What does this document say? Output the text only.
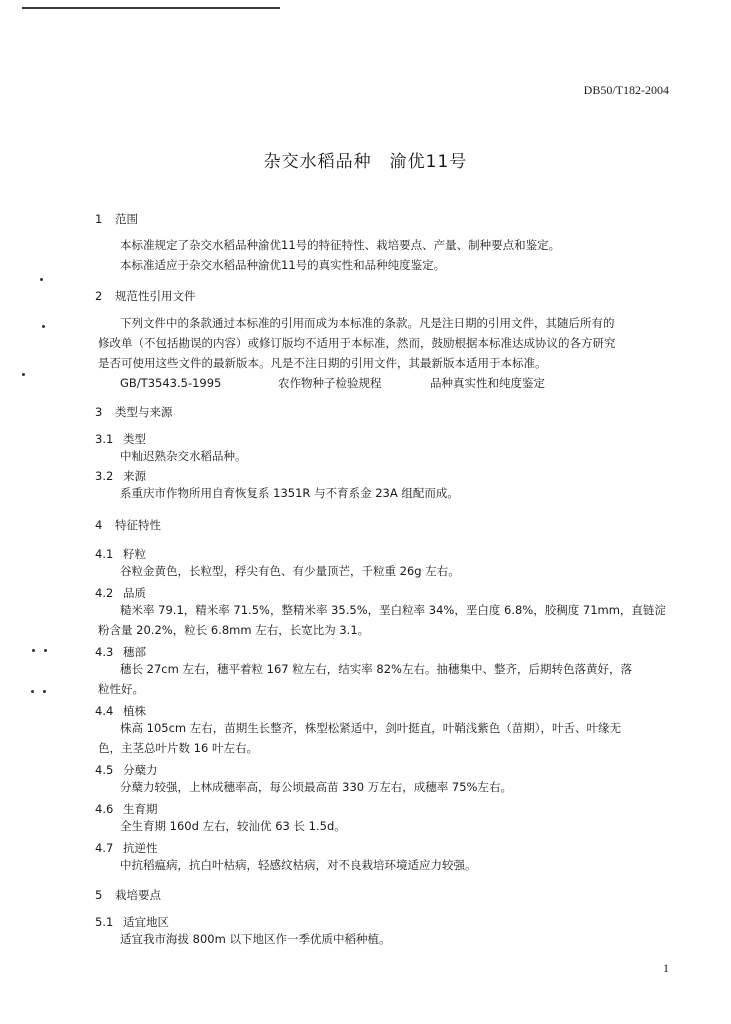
DB50/T182-2004
杂交水稻品种　渝优11号
1 范围
本标准规定了杂交水稻品种渝优11号的特征特性、栽培要点、产量、制种要点和鉴定。
本标准适应于杂交水稻品种渝优11号的真实性和品种纯度鉴定。
2 规范性引用文件
下列文件中的条款通过本标准的引用而成为本标准的条款。凡是注日期的引用文件，其随后所有的
修改单（不包括勘误的内容）或修订版均不适用于本标准，然而，鼓励根据本标准达成协议的各方研究
是否可使用这些文件的最新版本。凡是不注日期的引用文件，其最新版本适用于本标准。
GB/T3543.5-1995	农作物种子检验规程	品种真实性和纯度鉴定
3 类型与来源
3.1 类型
中籼迟熟杂交水稻品种。
3.2 来源
系重庆市作物所用自育恢复系 1351R 与不育系金 23A 组配而成。
4 特征特性
4.1 籽粒
谷粒金黄色，长粒型，稃尖有色、有少量顶芒，千粒重 26g 左右。
4.2 品质
糙米率 79.1，精米率 71.5%，整精米率 35.5%，垩白粒率 34%，垩白度 6.8%，胶稠度 71mm，直链淀
粉含量 20.2%，粒长 6.8mm 左右，长宽比为 3.1。
4.3 穗部
穗长 27cm 左右，穗平着粒 167 粒左右，结实率 82%左右。抽穗集中、整齐，后期转色落黄好，落
粒性好。
4.4 植株
株高 105cm 左右，苗期生长整齐，株型松紧适中，剑叶挺直，叶鞘浅紫色（苗期），叶舌、叶缘无
色，主茎总叶片数 16 叶左右。
4.5 分蘖力
分蘖力较强，上林成穗率高，每公顷最高苗 330 万左右，成穗率 75%左右。
4.6 生育期
全生育期 160d 左右，较汕优 63 长 1.5d。
4.7 抗逆性
中抗稻瘟病，抗白叶枯病，轻感纹枯病，对不良栽培环境适应力较强。
5 栽培要点
5.1 适宜地区
适宜我市海拔 800m 以下地区作一季优质中稻种植。
1
